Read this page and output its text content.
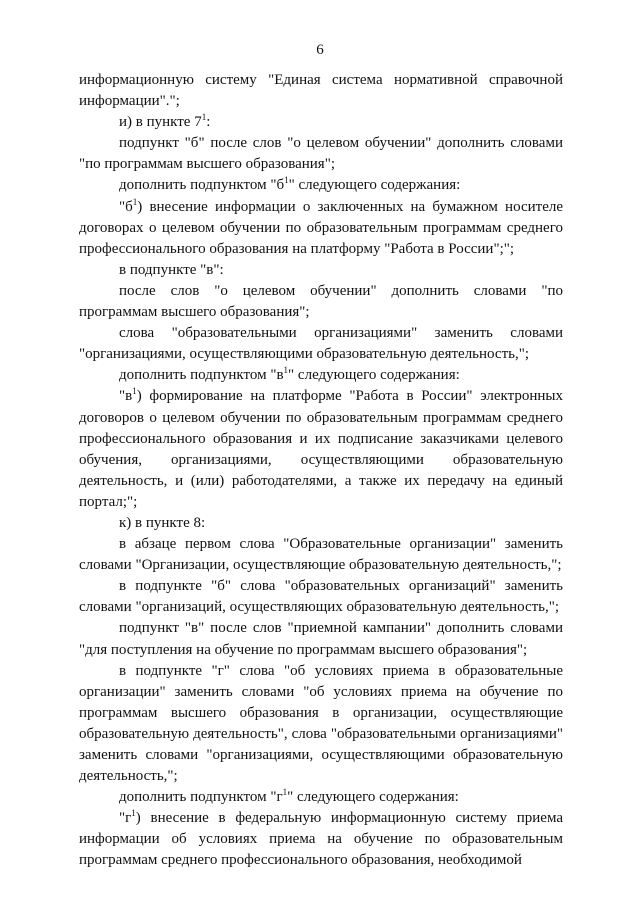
6

информационную систему "Единая система нормативной справочной информации".";

и) в пункте $7^1$:

подпункт "б" после слов "о целевом обучении" дополнить словами "по программам высшего образования";

дополнить подпунктом "$б^1$" следующего содержания:

"$б^1$) внесение информации о заключенных на бумажном носителе договорах о целевом обучении по образовательным программам среднего профессионального образования на платформу "Работа в России";";

в подпункте "в":

после слов "о целевом обучении" дополнить словами "по программам высшего образования";

слова "образовательными организациями" заменить словами "организациями, осуществляющими образовательную деятельность,";

дополнить подпунктом "$в^1$" следующего содержания:

"$в^1$) формирование на платформе "Работа в России" электронных договоров о целевом обучении по образовательным программам среднего профессионального образования и их подписание заказчиками целевого обучения, организациями, осуществляющими образовательную деятельность, и (или) работодателями, а также их передачу на единый портал;";

к) в пункте 8:

в абзаце первом слова "Образовательные организации" заменить словами "Организации, осуществляющие образовательную деятельность,";

в подпункте "б" слова "образовательных организаций" заменить словами "организаций, осуществляющих образовательную деятельность,";

подпункт "в" после слов "приемной кампании" дополнить словами "для поступления на обучение по программам высшего образования";

в подпункте "г" слова "об условиях приема в образовательные организации" заменить словами "об условиях приема на обучение по программам высшего образования в организации, осуществляющие образовательную деятельность", слова "образовательными организациями" заменить словами "организациями, осуществляющими образовательную деятельность,";

дополнить подпунктом "$г^1$" следующего содержания:

"$г^1$) внесение в федеральную информационную систему приема информации об условиях приема на обучение по образовательным программам среднего профессионального образования, необходимой
